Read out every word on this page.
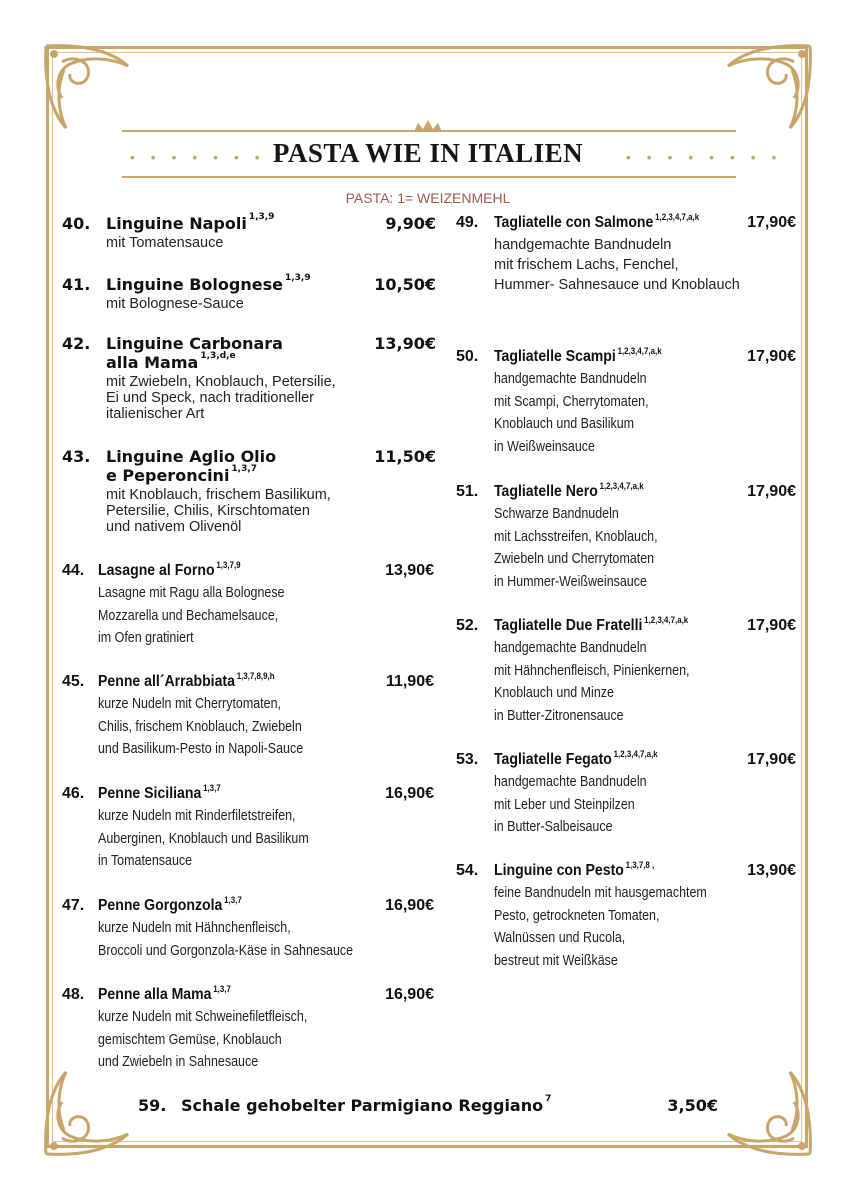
• • • • • • • •
PASTA WIE IN ITALIEN	• • • • • • • •
PASTA: 1= WEIZENMEHL
40. Linguine Napoli $^{1,3,9}$	9,90€
mit Tomatensauce
41. Linguine Bolognese $^{1,3,9}$	10,50€
mit Bolognese-Sauce
42. Linguine Carbonara
alla Mama $^{1,3,d,e}$
13,90€
mit Zwiebeln, Knoblauch, Petersilie,
Ei und Speck, nach traditioneller
italienischer Art
43. Linguine Aglio Olio
e Peperoncini $^{1,3,7}$
11,50€
mit Knoblauch, frischem Basilikum,
Petersilie, Chilis, Kirschtomaten
und nativem Olivenöl
44. Lasagne al Forno $^{1,3,7,9}$	13,90€
Lasagne mit Ragu alla Bolognese
Mozzarella und Bechamelsauce,
im Ofen gratiniert
45. Penne all´Arrabbiata $^{1,3,7,8,9,h}$	11,90€
kurze Nudeln mit Cherrytomaten,
Chilis, frischem Knoblauch, Zwiebeln
und Basilikum-Pesto in Napoli-Sauce
46. Penne Siciliana $^{1,3,7}$	16,90€
kurze Nudeln mit Rinderfiletstreifen,
Auberginen, Knoblauch und Basilikum
in Tomatensauce
47. Penne Gorgonzola $^{1,3,7}$	16,90€
kurze Nudeln mit Hähnchenfleisch,
Broccoli und Gorgonzola-Käse in Sahnesauce
48. Penne alla Mama $^{1,3,7}$	16,90€
kurze Nudeln mit Schweinefiletfleisch,
gemischtem Gemüse, Knoblauch
und Zwiebeln in Sahnesauce
49. Tagliatelle con Salmone $^{1,2,3,4,7,a,k}$	17,90€
handgemachte Bandnudeln
mit frischem Lachs, Fenchel,
Hummer- Sahnesauce und Knoblauch
50. Tagliatelle Scampi $^{1,2,3,4,7,a,k}$	17,90€
handgemachte Bandnudeln
mit Scampi, Cherrytomaten,
Knoblauch und Basilikum
in Weißweinsauce
51. Tagliatelle Nero $^{1,2,3,4,7,a,k}$	17,90€
Schwarze Bandnudeln
mit Lachsstreifen, Knoblauch,
Zwiebeln und Cherrytomaten
in Hummer-Weißweinsauce
52. Tagliatelle Due Fratelli $^{1,2,3,4,7,a,k}$	17,90€
handgemachte Bandnudeln
mit Hähnchenfleisch, Pinienkernen,
Knoblauch und Minze
in Butter-Zitronensauce
53. Tagliatelle Fegato $^{1,2,3,4,7,a,k}$	17,90€
handgemachte Bandnudeln
mit Leber und Steinpilzen
in Butter-Salbeisauce
54. Linguine con Pesto $^{1,3,7,8 ,}$	13,90€
feine Bandnudeln mit hausgemachtem
Pesto, getrockneten Tomaten,
Walnüssen und Rucola,
bestreut mit Weißkäse
59. Schale gehobelter Parmigiano Reggiano $^7$	3,50€
